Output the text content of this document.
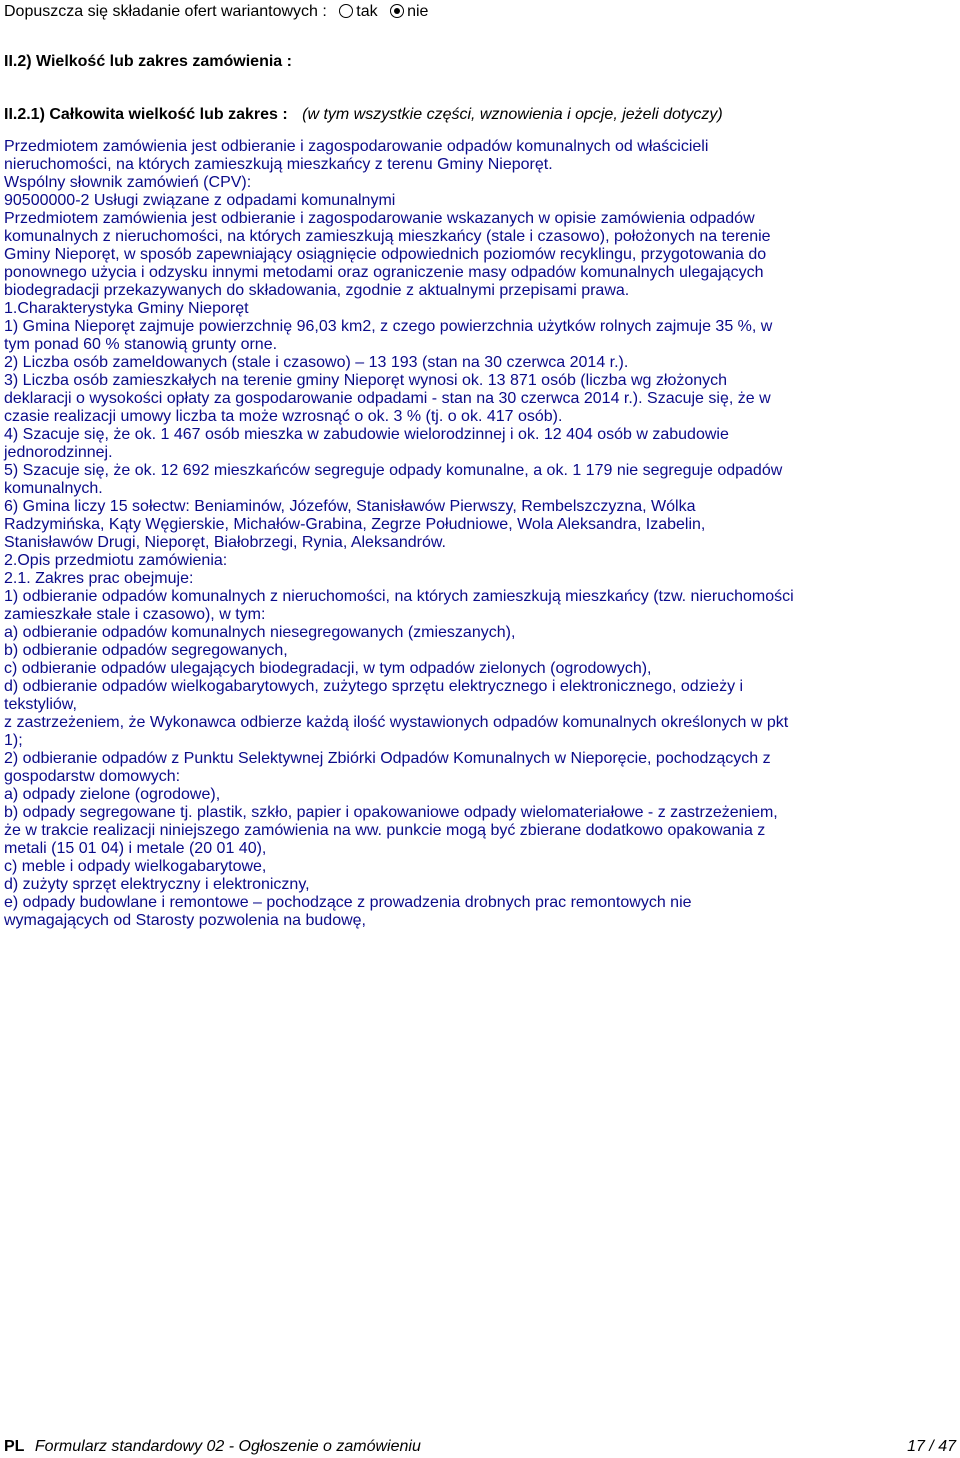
Dopuszcza się składanie ofert wariantowych : tak nie
II.2) Wielkość lub zakres zamówienia :
II.2.1) Całkowita wielkość lub zakres : (w tym wszystkie części, wznowienia i opcje, jeżeli dotyczy)
Przedmiotem zamówienia jest odbieranie i zagospodarowanie odpadów komunalnych od właścicieli
nieruchomości, na których zamieszkują mieszkańcy z terenu Gminy Nieporęt.
Wspólny słownik zamówień (CPV):
90500000-2 Usługi związane z odpadami komunalnymi
Przedmiotem zamówienia jest odbieranie i zagospodarowanie wskazanych w opisie zamówienia odpadów
komunalnych z nieruchomości, na których zamieszkują mieszkańcy (stale i czasowo), położonych na terenie
Gminy Nieporęt, w sposób zapewniający osiągnięcie odpowiednich poziomów recyklingu, przygotowania do
ponownego użycia i odzysku innymi metodami oraz ograniczenie masy odpadów komunalnych ulegających
biodegradacji przekazywanych do składowania, zgodnie z aktualnymi przepisami prawa.
1.Charakterystyka Gminy Nieporęt
1) Gmina Nieporęt zajmuje powierzchnię 96,03 km2, z czego powierzchnia użytków rolnych zajmuje 35 %, w
tym ponad 60 % stanowią grunty orne.
2) Liczba osób zameldowanych (stale i czasowo) – 13 193 (stan na 30 czerwca 2014 r.).
3) Liczba osób zamieszkałych na terenie gminy Nieporęt wynosi ok. 13 871 osób (liczba wg złożonych
deklaracji o wysokości opłaty za gospodarowanie odpadami - stan na 30 czerwca 2014 r.). Szacuje się, że w
czasie realizacji umowy liczba ta może wzrosnąć o ok. 3 % (tj. o ok. 417 osób).
4) Szacuje się, że ok. 1 467 osób mieszka w zabudowie wielorodzinnej i ok. 12 404 osób w zabudowie
jednorodzinnej.
5) Szacuje się, że ok. 12 692 mieszkańców segreguje odpady komunalne, a ok. 1 179 nie segreguje odpadów
komunalnych.
6) Gmina liczy 15 sołectw: Beniaminów, Józefów, Stanisławów Pierwszy, Rembelszczyzna, Wólka
Radzymińska, Kąty Węgierskie, Michałów-Grabina, Zegrze Południowe, Wola Aleksandra, Izabelin,
Stanisławów Drugi, Nieporęt, Białobrzegi, Rynia, Aleksandrów.
2.Opis przedmiotu zamówienia:
2.1. Zakres prac obejmuje:
1) odbieranie odpadów komunalnych z nieruchomości, na których zamieszkują mieszkańcy (tzw. nieruchomości
zamieszkałe stale i czasowo), w tym:
a) odbieranie odpadów komunalnych niesegregowanych (zmieszanych),
b) odbieranie odpadów segregowanych,
c) odbieranie odpadów ulegających biodegradacji, w tym odpadów zielonych (ogrodowych),
d) odbieranie odpadów wielkogabarytowych, zużytego sprzętu elektrycznego i elektronicznego, odzieży i
tekstyliów,
z zastrzeżeniem, że Wykonawca odbierze każdą ilość wystawionych odpadów komunalnych określonych w pkt
1);
2) odbieranie odpadów z Punktu Selektywnej Zbiórki Odpadów Komunalnych w Nieporęcie, pochodzących z
gospodarstw domowych:
a) odpady zielone (ogrodowe),
b) odpady segregowane tj. plastik, szkło, papier i opakowaniowe odpady wielomateriałowe - z zastrzeżeniem,
że w trakcie realizacji niniejszego zamówienia na ww. punkcie mogą być zbierane dodatkowo opakowania z
metali (15 01 04) i metale (20 01 40),
c) meble i odpady wielkogabarytowe,
d) zużyty sprzęt elektryczny i elektroniczny,
e) odpady budowlane i remontowe – pochodzące z prowadzenia drobnych prac remontowych nie
wymagających od Starosty pozwolenia na budowę,
PL Formularz standardowy 02 - Ogłoszenie o zamówieniu	17 / 47
